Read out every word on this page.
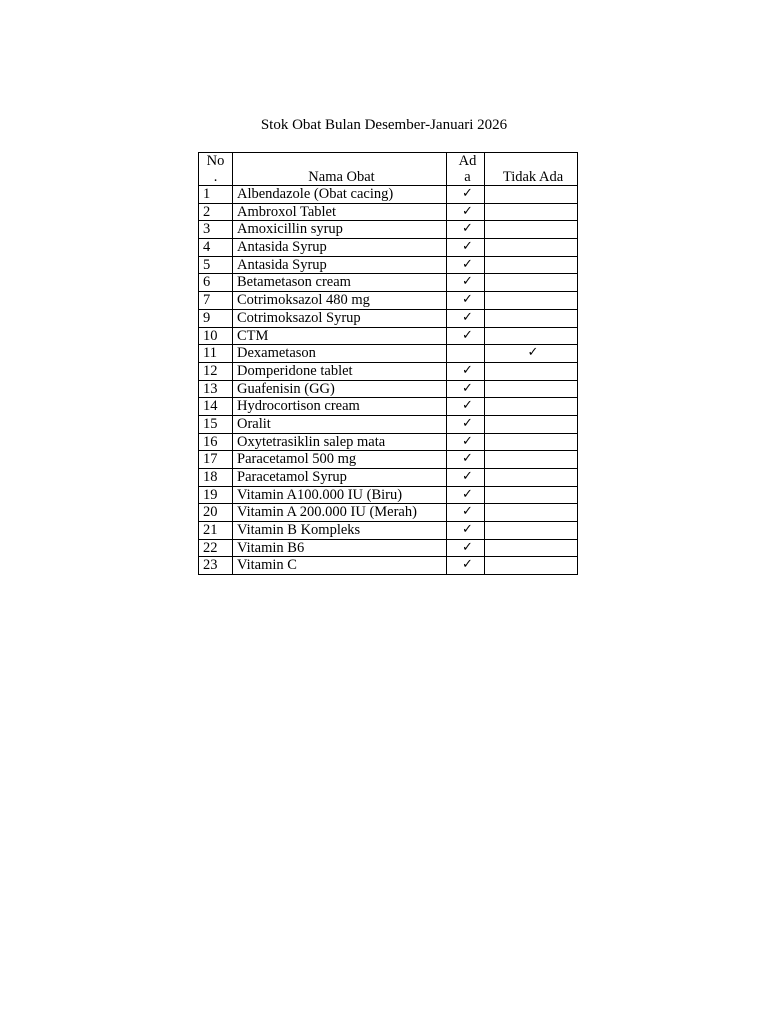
Stok Obat Bulan Desember-Januari 2026
No
.	Nama Obat	Ad
a	Tidak Ada
1	Albendazole (Obat cacing)	✓	
2	Ambroxol Tablet	✓	
3	Amoxicillin syrup	✓	
4	Antasida Syrup	✓	
5	Antasida Syrup	✓	
6	Betametason cream	✓	
7	Cotrimoksazol 480 mg	✓	
9	Cotrimoksazol Syrup	✓	
10	CTM	✓	
11	Dexametason		✓
12	Domperidone tablet	✓	
13	Guafenisin (GG)	✓	
14	Hydrocortison cream	✓	
15	Oralit	✓	
16	Oxytetrasiklin salep mata	✓	
17	Paracetamol 500 mg	✓	
18	Paracetamol Syrup	✓	
19	Vitamin A100.000 IU (Biru)	✓	
20	Vitamin A 200.000 IU (Merah)	✓	
21	Vitamin B Kompleks	✓	
22	Vitamin B6	✓	
23	Vitamin C	✓	
